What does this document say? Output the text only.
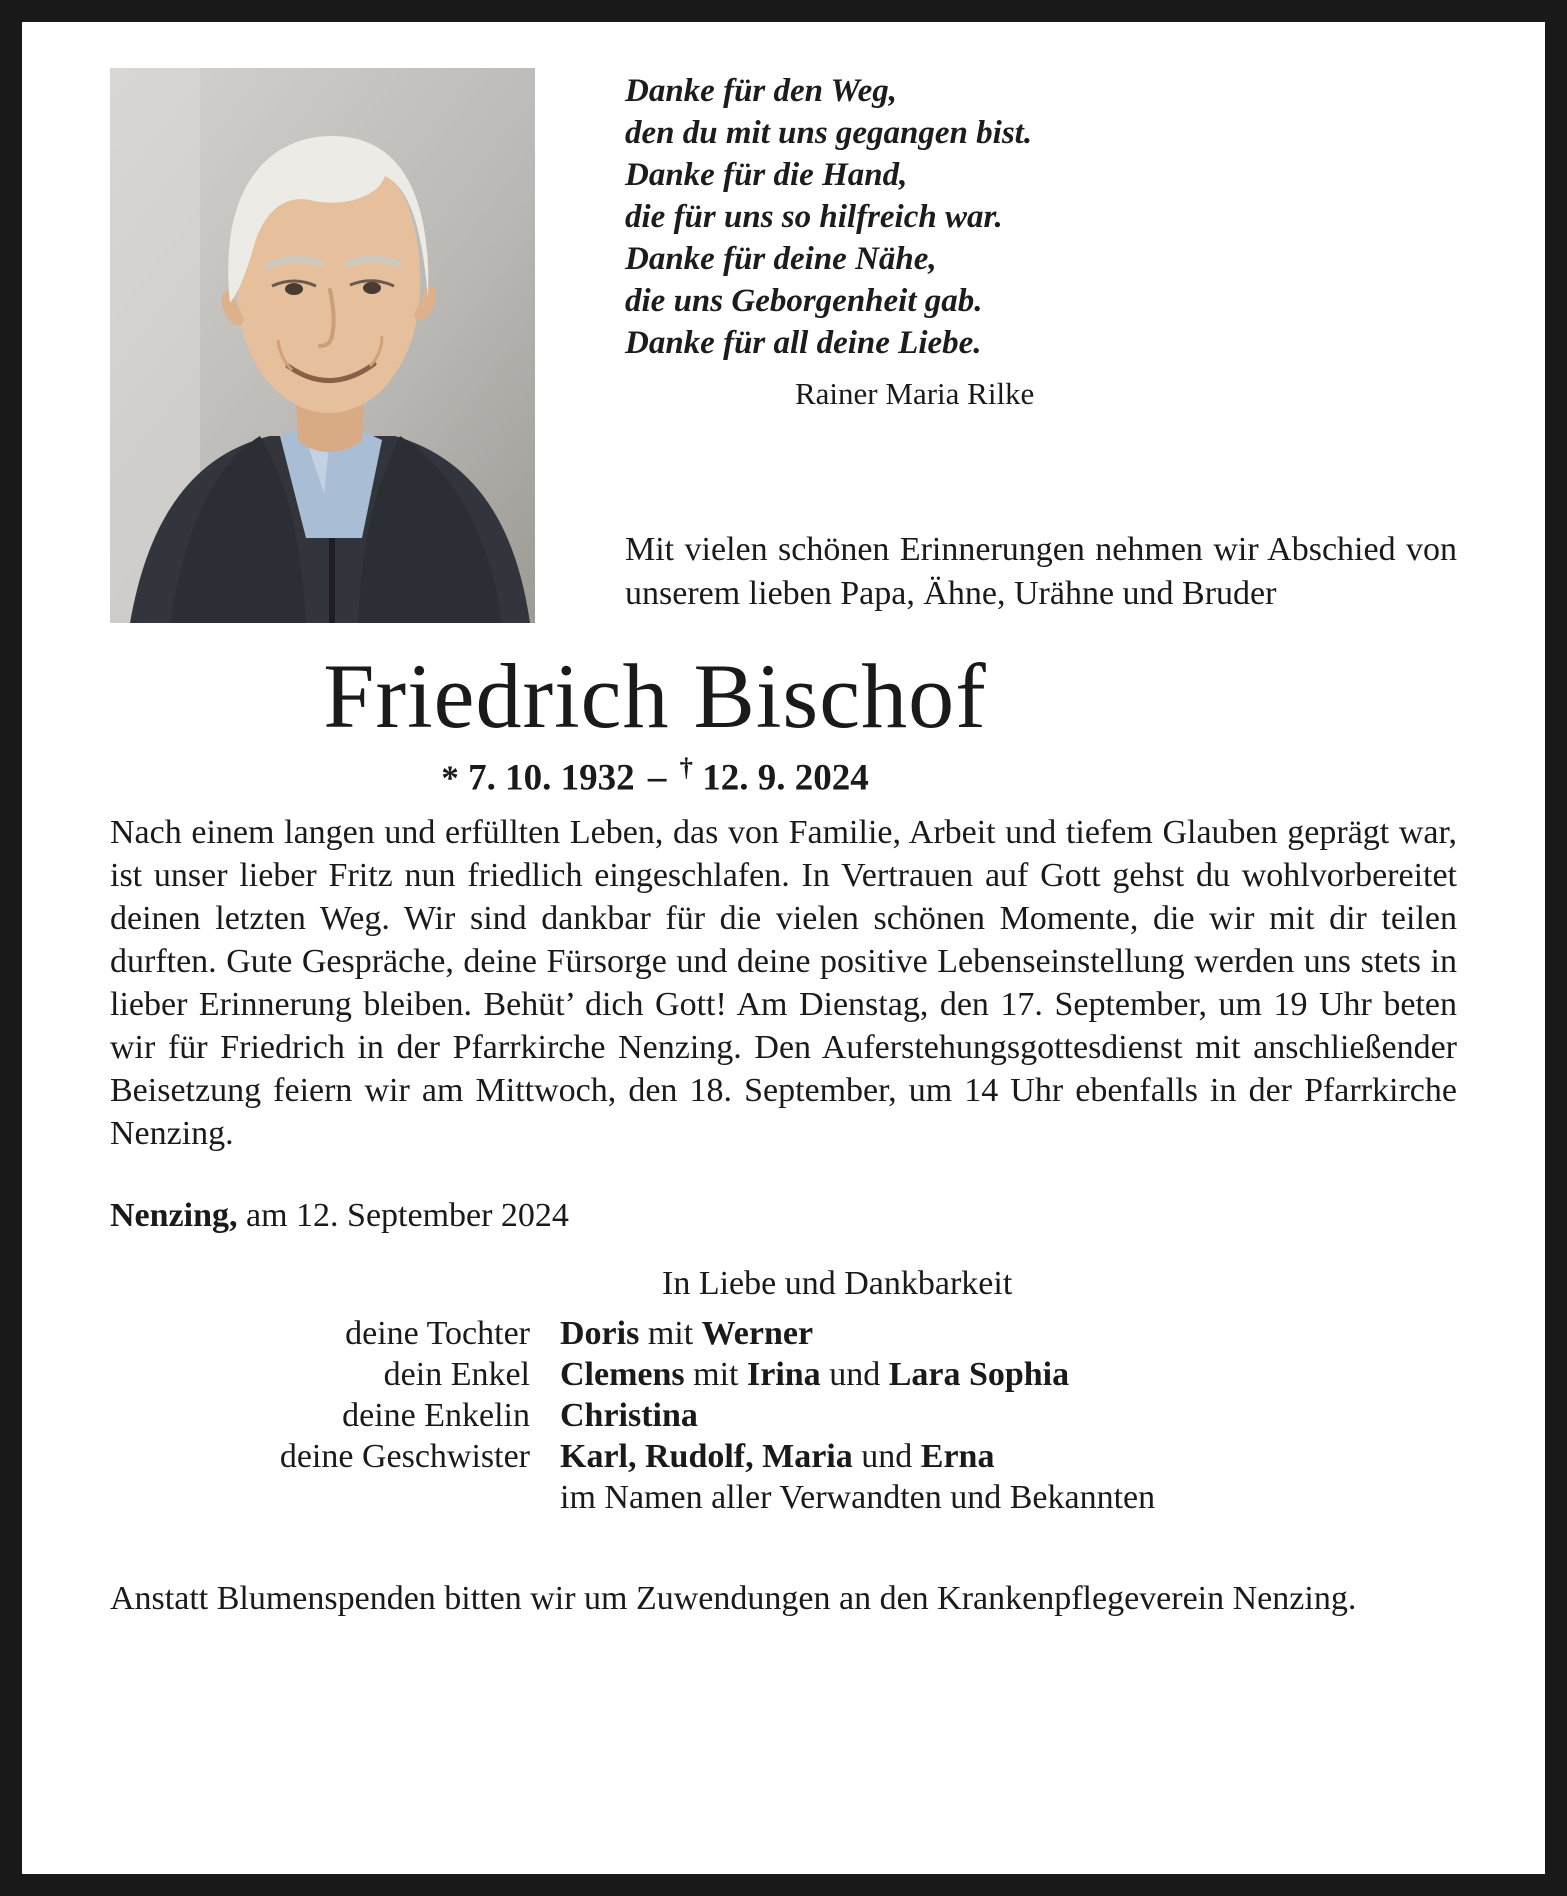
Danke für den Weg,
den du mit uns gegangen bist.
Danke für die Hand,
die für uns so hilfreich war.
Danke für deine Nähe,
die uns Geborgenheit gab.
Danke für all deine Liebe.
Rainer Maria Rilke
Mit vielen schönen Erinnerungen nehmen wir Abschied von unserem lieben Papa, Ähne, Urähne und Bruder
Friedrich Bischof
* 7. 10. 1932 – † 12. 9. 2024
Nach einem langen und erfüllten Leben, das von Familie, Arbeit und tiefem Glauben geprägt war, ist unser lieber Fritz nun friedlich eingeschlafen. In Vertrauen auf Gott gehst du wohlvorbereitet deinen letzten Weg. Wir sind dankbar für die vielen schönen Momente, die wir mit dir teilen durften. Gute Gespräche, deine Fürsorge und deine positive Lebenseinstellung werden uns stets in lieber Erinnerung bleiben. Behüt’ dich Gott! Am Dienstag, den 17. September, um 19 Uhr beten wir für Friedrich in der Pfarrkirche Nenzing. Den Auferstehungsgottesdienst mit anschließender Beisetzung feiern wir am Mittwoch, den 18. September, um 14 Uhr ebenfalls in der Pfarrkirche Nenzing.
Nenzing, am 12. September 2024
In Liebe und Dankbarkeit
deine Tochter Doris mit Werner
dein Enkel Clemens mit Irina und Lara Sophia
deine Enkelin Christina
deine Geschwister Karl, Rudolf, Maria und Erna
im Namen aller Verwandten und Bekannten
Anstatt Blumenspenden bitten wir um Zuwendungen an den Krankenpflegeverein Nenzing.
